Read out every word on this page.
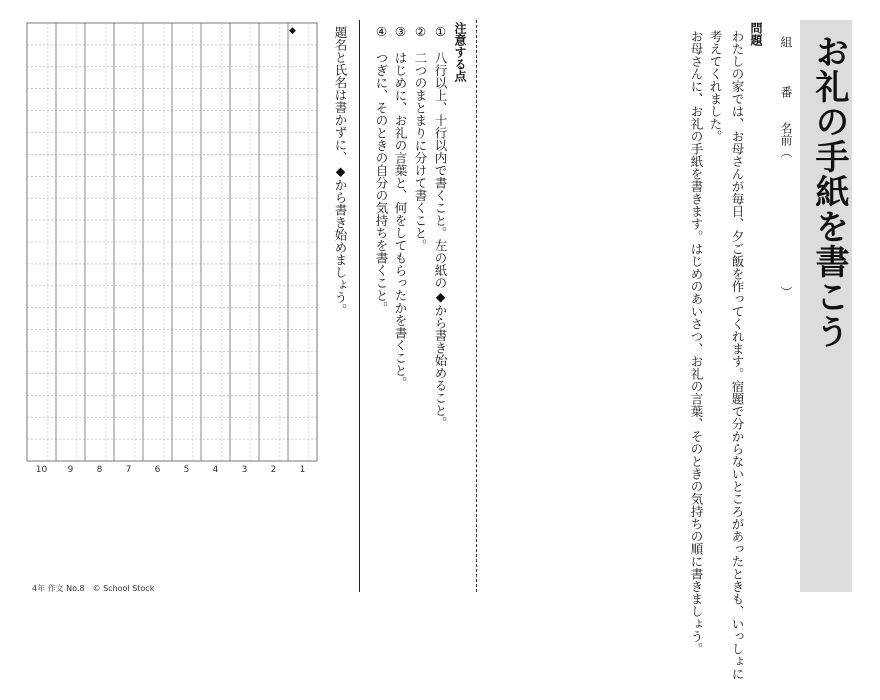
お礼の手紙を書こう
組
番
名前（
）
問題
わたしの家では、お母さんが毎日、夕ご飯を作ってくれます。宿題で分からないところがあったときも、いっしょに
考えてくれました。
お母さんに、お礼の手紙を書きます。はじめのあいさつ、お礼の言葉、そのときの気持ちの順に書きましょう。
注意する点
①　八行以上、十行以内で書くこと。左の紙の◆から書き始めること。
②　二つのまとまりに分けて書くこと。
③　はじめに、お礼の言葉と、何をしてもらったかを書くこと。
④　つぎに、そのときの自分の気持ちを書くこと。
題名と氏名は書かずに、◆から書き始めましょう。
◆
10	9	8	7	6	5	4	3	2	1
4年 作文 No.8　© School Stock
